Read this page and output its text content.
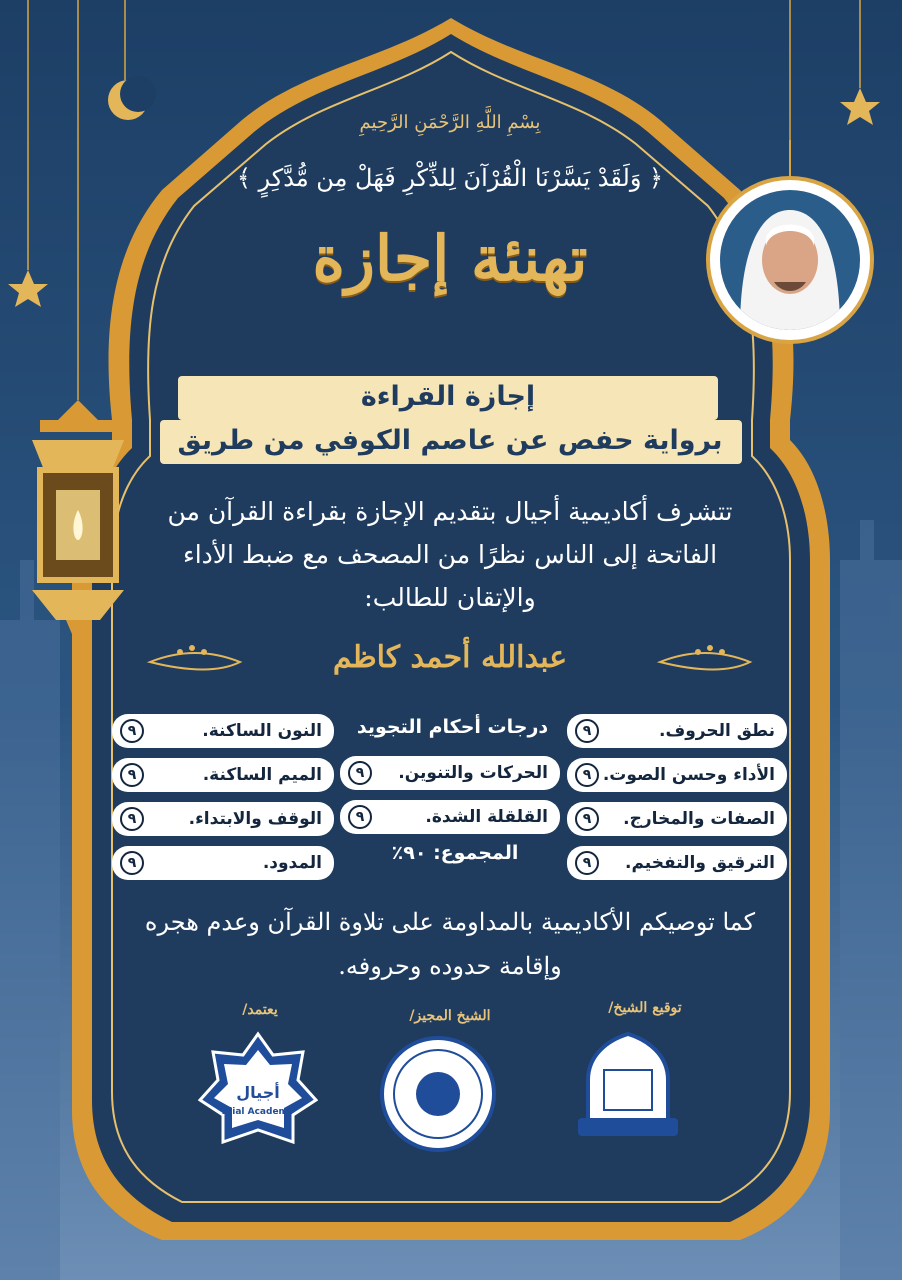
بِسْمِ اللَّهِ الرَّحْمَنِ الرَّحِيمِ
﴿ وَلَقَدْ يَسَّرْنَا الْقُرْآنَ لِلذِّكْرِ فَهَلْ مِن مُّدَّكِرٍ ﴾
تهنئة إجازة
إجازة القراءة
برواية حفص عن عاصم الكوفي من طريق الشاطبية
تتشرف أكاديمية أجيال بتقديم الإجازة بقراءة القرآن من الفاتحة إلى الناس نظرًا من المصحف مع ضبط الأداء والإتقان للطالب:
عبدالله أحمد كاظم
درجات أحكام التجويد	نطق الحروف.
٩
الأداء وحسن الصوت.
٩
الصفات والمخارج.
٩
الترقيق والتفخيم.
٩
الحركات والتنوين.
٩
القلقلة الشدة.
٩
النون الساكنة.
٩
الميم الساكنة.
٩
الوقف والابتداء.
٩
المدود.
٩	المجموع: ٩٠٪
كما توصيكم الأكاديمية بالمداومة على تلاوة القرآن وعدم هجره وإقامة حدوده وحروفه.
توقيع الشيخ/
الشيخ المجيز/
يعتمد/
أجيال
Ajial Academy
